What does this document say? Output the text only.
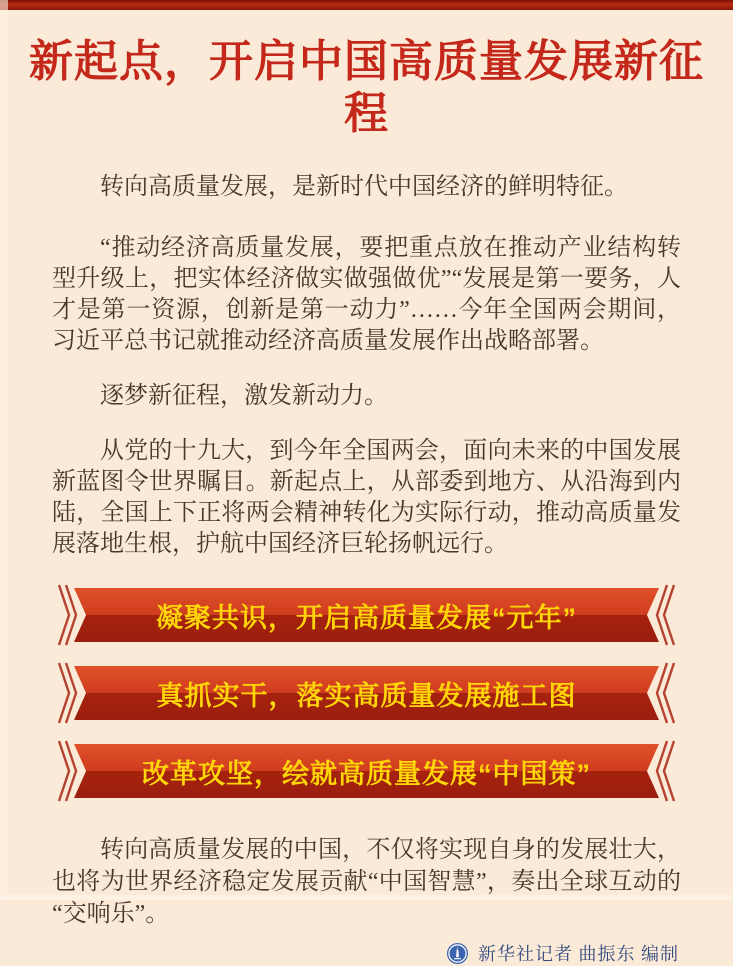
新起点，开启中国高质量发展新征程

转向高质量发展，是新时代中国经济的鲜明特征。

“推动经济高质量发展，要把重点放在推动产业结构转型升级上，把实体经济做实做强做优”“发展是第一要务，人才是第一资源，创新是第一动力”……今年全国两会期间，习近平总书记就推动经济高质量发展作出战略部署。

逐梦新征程，激发新动力。

从党的十九大，到今年全国两会，面向未来的中国发展新蓝图令世界瞩目。新起点上，从部委到地方、从沿海到内陆，全国上下正将两会精神转化为实际行动，推动高质量发展落地生根，护航中国经济巨轮扬帆远行。

凝聚共识，开启高质量发展“元年”
真抓实干，落实高质量发展施工图
改革攻坚，绘就高质量发展“中国策”

转向高质量发展的中国，不仅将实现自身的发展壮大，也将为世界经济稳定发展贡献“中国智慧”，奏出全球互动的“交响乐”。

新华社记者 曲振东 编制
